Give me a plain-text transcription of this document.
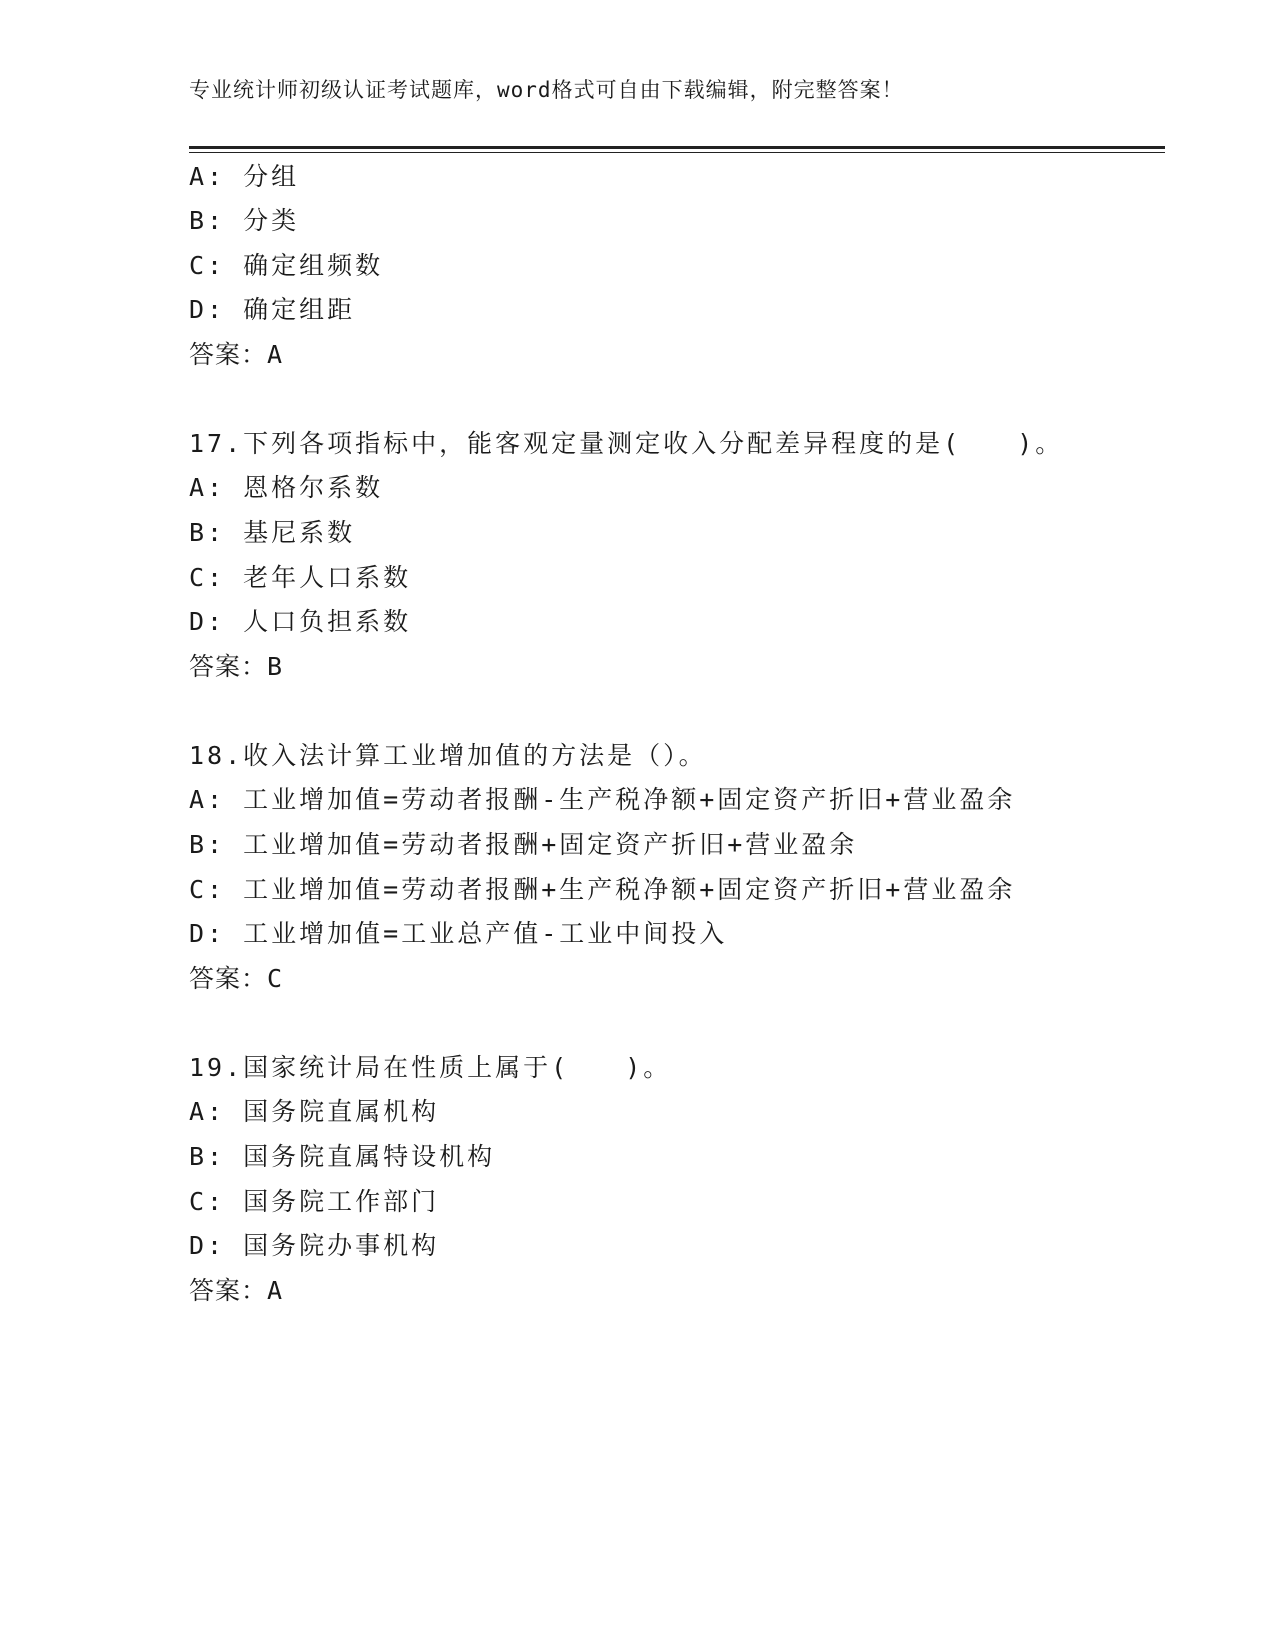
专业统计师初级认证考试题库，word格式可自由下载编辑，附完整答案！
A: 分组
B: 分类
C: 确定组频数
D: 确定组距
答案：A
17.下列各项指标中，能客观定量测定收入分配差异程度的是(　　)。
A: 恩格尔系数
B: 基尼系数
C: 老年人口系数
D: 人口负担系数
答案：B
18.收入法计算工业增加值的方法是（）。
A: 工业增加值=劳动者报酬-生产税净额+固定资产折旧+营业盈余
B: 工业增加值=劳动者报酬+固定资产折旧+营业盈余
C: 工业增加值=劳动者报酬+生产税净额+固定资产折旧+营业盈余
D: 工业增加值=工业总产值-工业中间投入
答案：C
19.国家统计局在性质上属于(　　)。
A: 国务院直属机构
B: 国务院直属特设机构
C: 国务院工作部门
D: 国务院办事机构
答案：A
